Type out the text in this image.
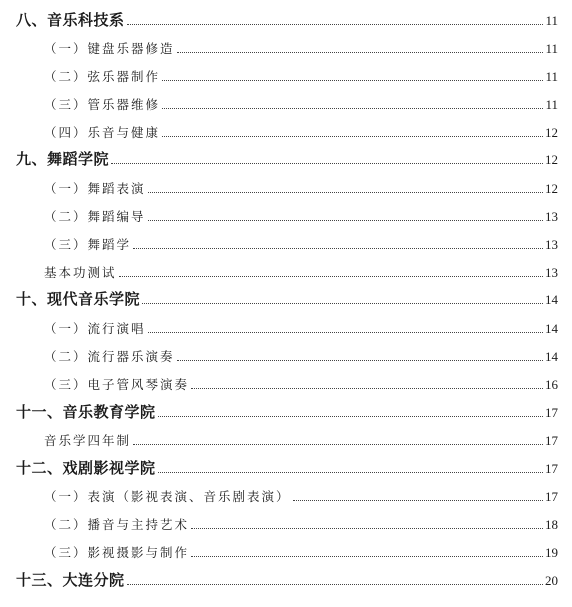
八、音乐科技系	11
（一）键盘乐器修造	11
（二）弦乐器制作	11
（三）管乐器维修	11
（四）乐音与健康	12
九、舞蹈学院	12
（一）舞蹈表演	12
（二）舞蹈编导	13
（三）舞蹈学	13
基本功测试	13
十、现代音乐学院	14
（一）流行演唱	14
（二）流行器乐演奏	14
（三）电子管风琴演奏	16
十一、音乐教育学院	17
音乐学四年制	17
十二、戏剧影视学院	17
（一）表演（影视表演、音乐剧表演）	17
（二）播音与主持艺术	18
（三）影视摄影与制作	19
十三、大连分院	20
